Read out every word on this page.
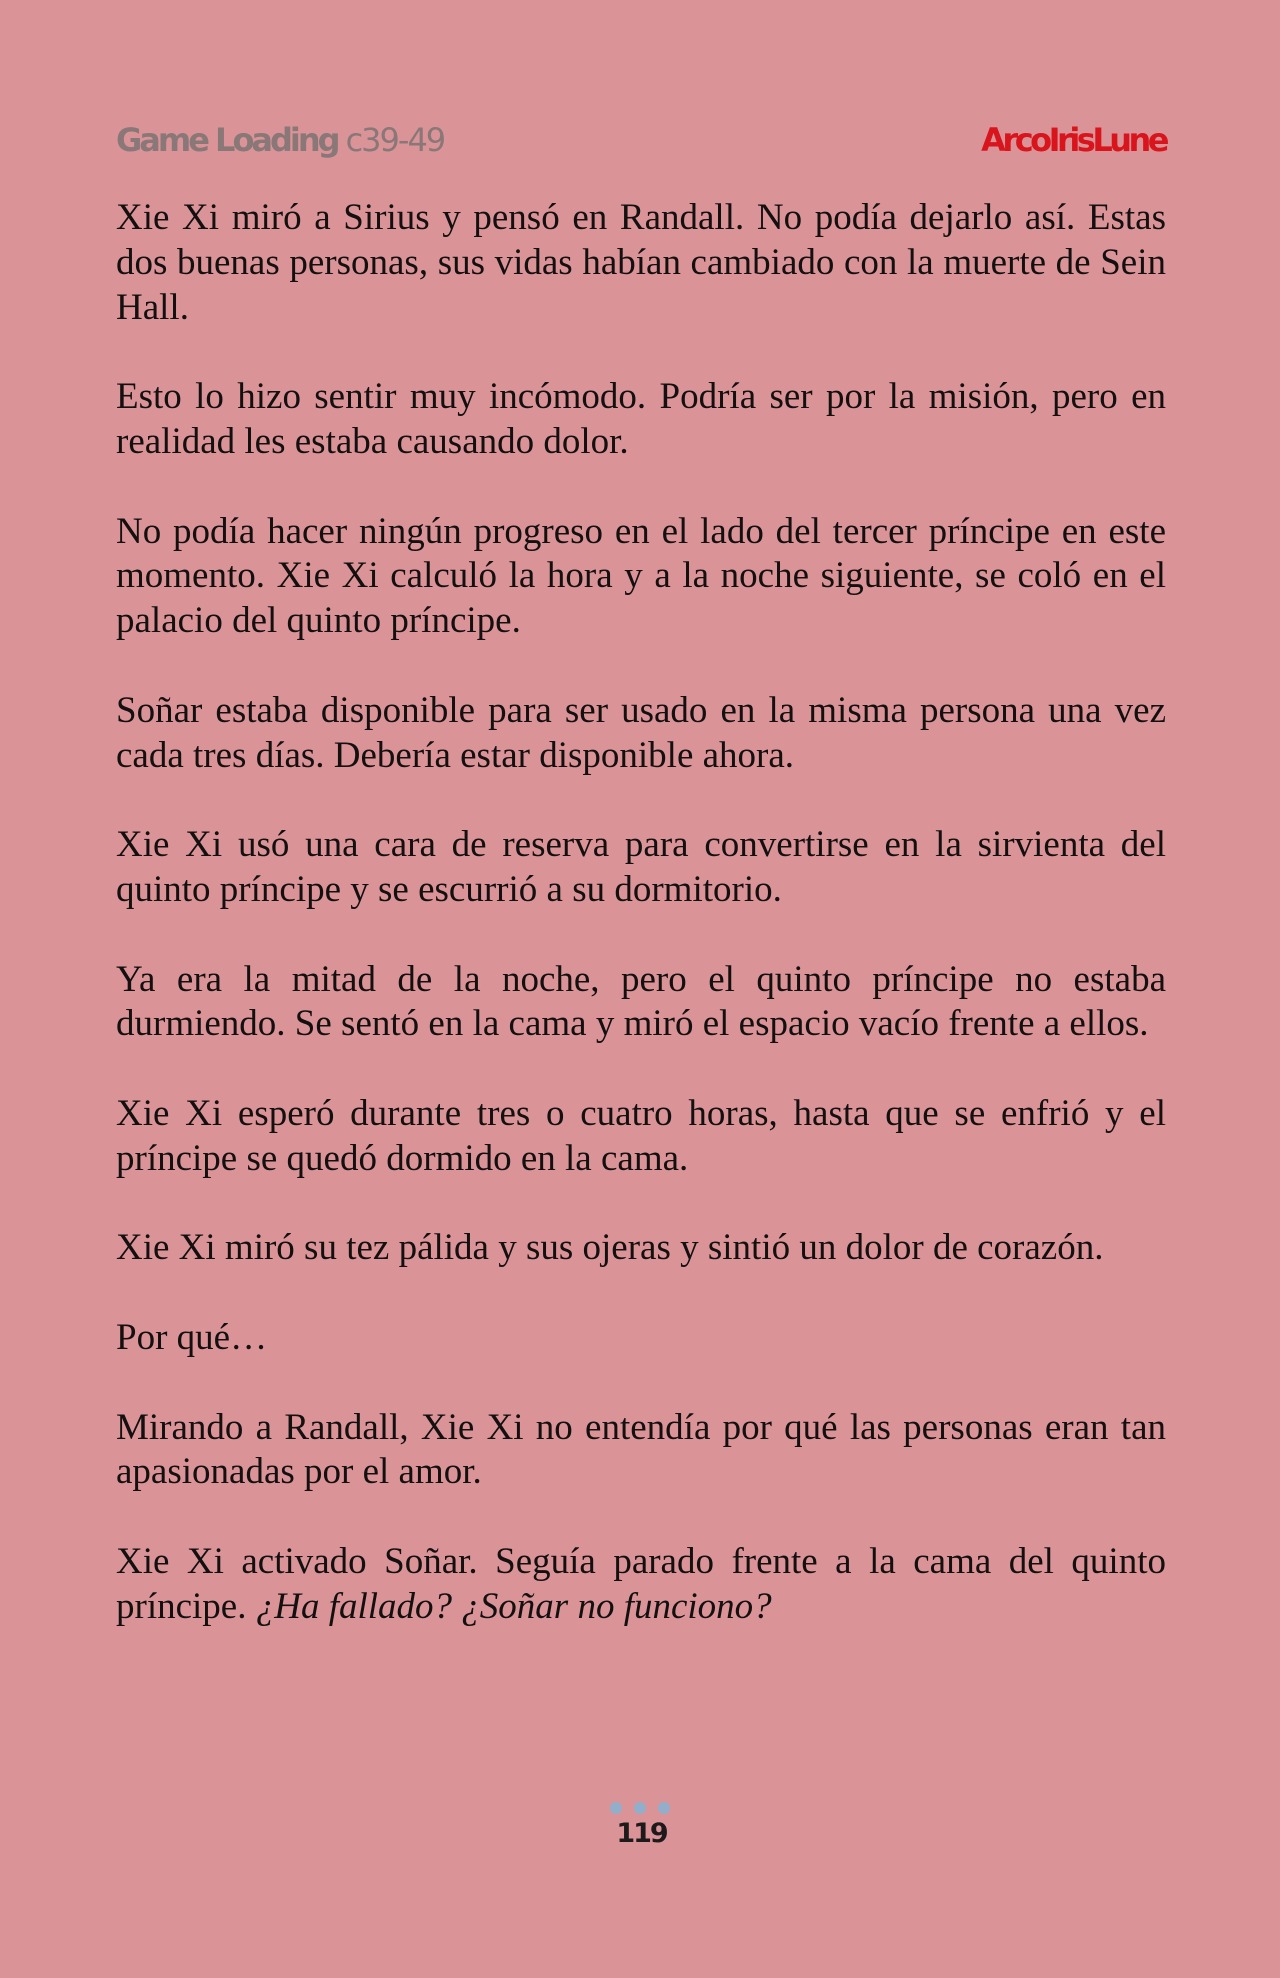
Game Loading c39-49	ArcoIrisLune

Xie Xi miró a Sirius y pensó en Randall. No podía dejarlo así. Estas dos buenas personas, sus vidas habían cambiado con la muerte de Sein Hall.

Esto lo hizo sentir muy incómodo. Podría ser por la misión, pero en realidad les estaba causando dolor.

No podía hacer ningún progreso en el lado del tercer príncipe en este momento. Xie Xi calculó la hora y a la noche siguiente, se coló en el palacio del quinto príncipe.

Soñar estaba disponible para ser usado en la misma persona una vez cada tres días. Debería estar disponible ahora.

Xie Xi usó una cara de reserva para convertirse en la sirvienta del quinto príncipe y se escurrió a su dormitorio.

Ya era la mitad de la noche, pero el quinto príncipe no estaba durmiendo. Se sentó en la cama y miró el espacio vacío frente a ellos.

Xie Xi esperó durante tres o cuatro horas, hasta que se enfrió y el príncipe se quedó dormido en la cama.

Xie Xi miró su tez pálida y sus ojeras y sintió un dolor de corazón.

Por qué…

Mirando a Randall, Xie Xi no entendía por qué las personas eran tan apasionadas por el amor.

Xie Xi activado Soñar. Seguía parado frente a la cama del quinto príncipe. ¿Ha fallado? ¿Soñar no funciono?

119
